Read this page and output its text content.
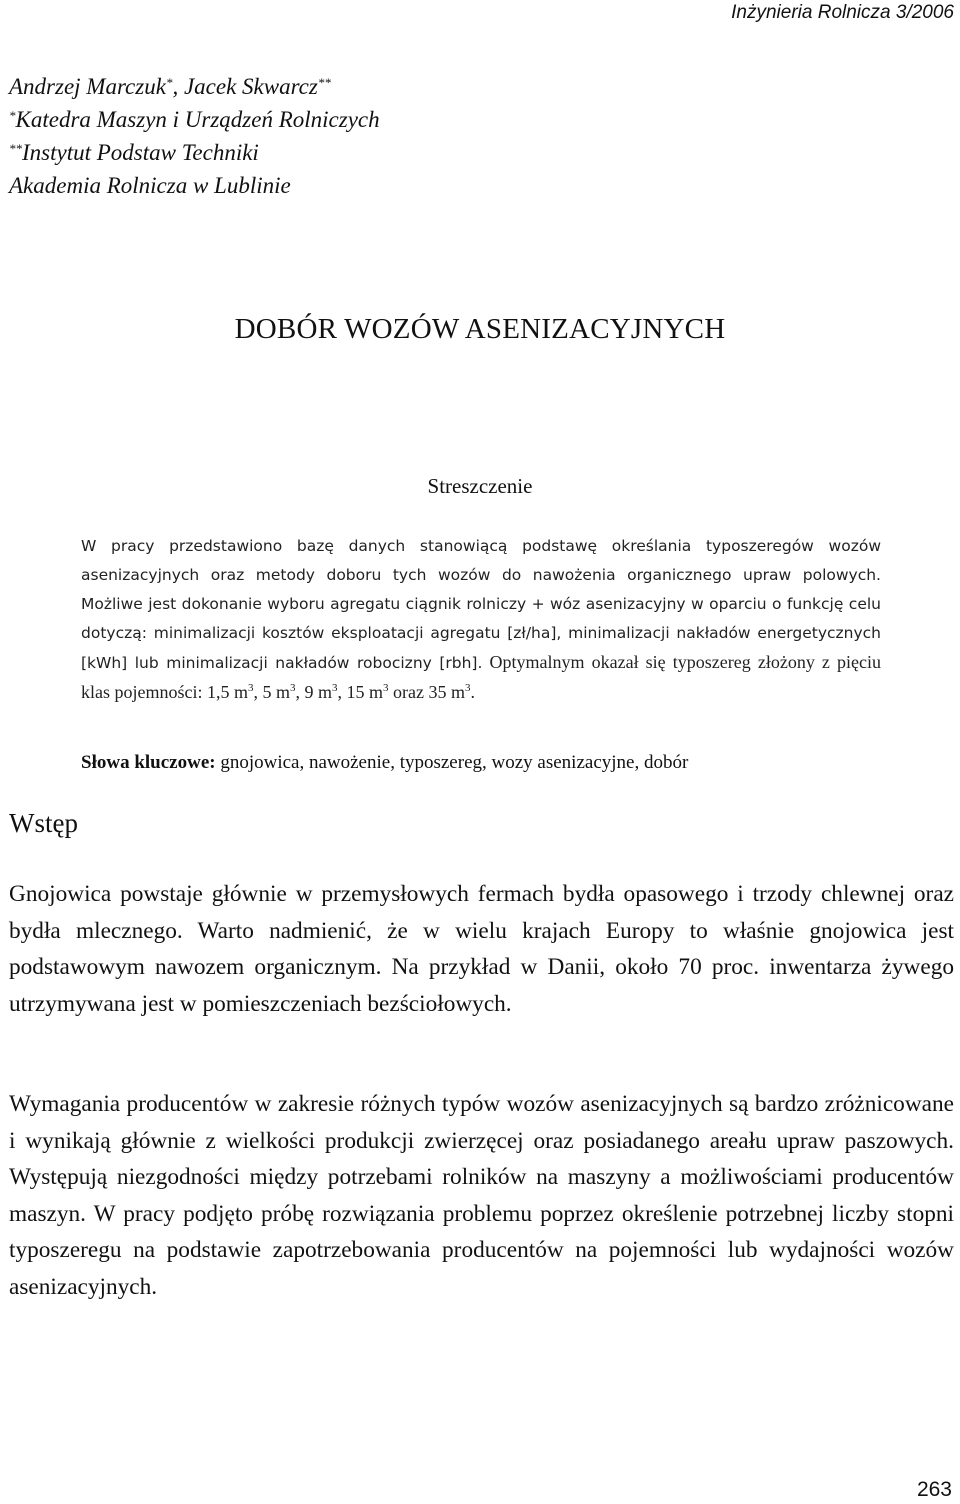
Inżynieria Rolnicza 3/2006
Andrzej Marczuk*, Jacek Skwarcz**
*Katedra Maszyn i Urządzeń Rolniczych
**Instytut Podstaw Techniki
Akademia Rolnicza w Lublinie
DOBÓR WOZÓW ASENIZACYJNYCH
Streszczenie
W pracy przedstawiono bazę danych stanowiącą podstawę określania typoszeregów wozów asenizacyjnych oraz metody doboru tych wozów do nawożenia organicznego upraw polowych. Możliwe jest dokonanie wyboru agregatu ciągnik rolniczy + wóz asenizacyjny w oparciu o funkcję celu dotyczą: minimalizacji kosztów eksploatacji agregatu [zł/ha], minimalizacji nakładów energetycznych [kWh] lub minimalizacji nakładów robocizny [rbh]. Optymalnym okazał się typoszereg złożony z pięciu klas pojemności: 1,5 $m^3$, 5 $m^3$, 9 $m^3$, 15 $m^3$ oraz 35 $m^3$.
Słowa kluczowe: gnojowica, nawożenie, typoszereg, wozy asenizacyjne, dobór
Wstęp
Gnojowica powstaje głównie w przemysłowych fermach bydła opasowego i trzody chlewnej oraz bydła mlecznego. Warto nadmienić, że w wielu krajach Europy to właśnie gnojowica jest podstawowym nawozem organicznym. Na przykład w Danii, około 70 proc. inwentarza żywego utrzymywana jest w pomieszczeniach bezściołowych.
Wymagania producentów w zakresie różnych typów wozów asenizacyjnych są bardzo zróżnicowane i wynikają głównie z wielkości produkcji zwierzęcej oraz posiadanego areału upraw paszowych. Występują niezgodności między potrzebami rolników na maszyny a możliwościami producentów maszyn. W pracy podjęto próbę rozwiązania problemu poprzez określenie potrzebnej liczby stopni typoszeregu na podstawie zapotrzebowania producentów na pojemności lub wydajności wozów asenizacyjnych.
263
